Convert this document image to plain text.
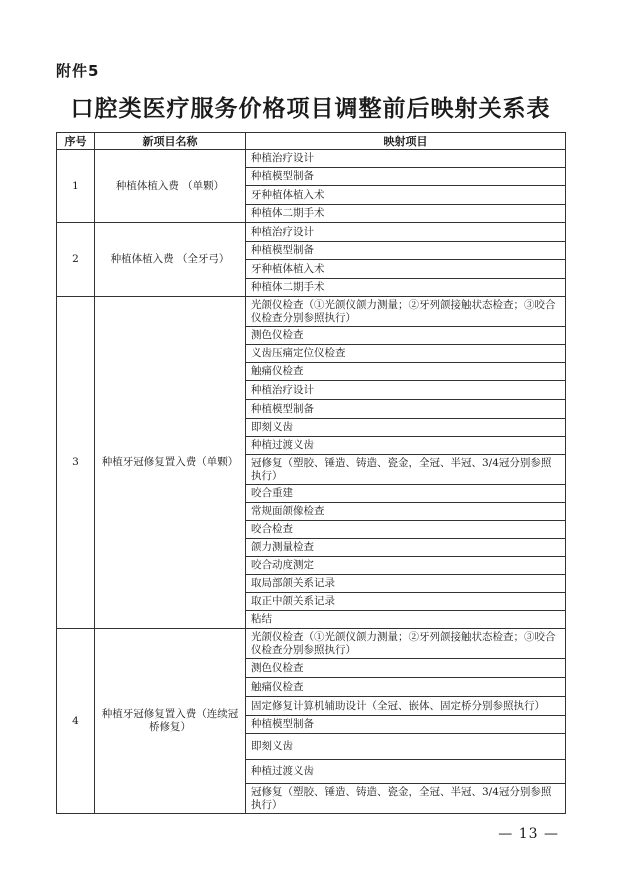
附件5
口腔类医疗服务价格项目调整前后映射关系表
序号	新项目名称	映射项目
1	种植体植入费 （单颗）	种植治疗设计
		种植模型制备
		牙种植体植入术
		种植体二期手术
2	种植体植入费 （全牙弓）	种植治疗设计
		种植模型制备
		牙种植体植入术
		种植体二期手术
3	种植牙冠修复置入费（单颗）	光颌仪检查（①光颌仪颌力测量；②牙列颌接触状态检查；③咬合仪检查分别参照执行）
		测色仪检查
		义齿压痛定位仪检查
		触痛仪检查
		种植治疗设计
		种植模型制备
		即刻义齿
		种植过渡义齿
		冠修复（塑胶、锤造、铸造、瓷金，全冠、半冠、3/4冠分别参照执行）
		咬合重建
		常规面颌像检查
		咬合检查
		颌力测量检查
		咬合动度测定
		取局部颌关系记录
		取正中颌关系记录
		粘结
4	种植牙冠修复置入费（连续冠桥修复）	光颌仪检查（①光颌仪颌力测量；②牙列颌接触状态检查；③咬合仪检查分别参照执行）
		测色仪检查
		触痛仪检查
		固定修复计算机辅助设计（全冠、嵌体、固定桥分别参照执行）
		种植模型制备
		即刻义齿
		种植过渡义齿
		冠修复（塑胶、锤造、铸造、瓷金，全冠、半冠、3/4冠分别参照执行）
— 13 —
